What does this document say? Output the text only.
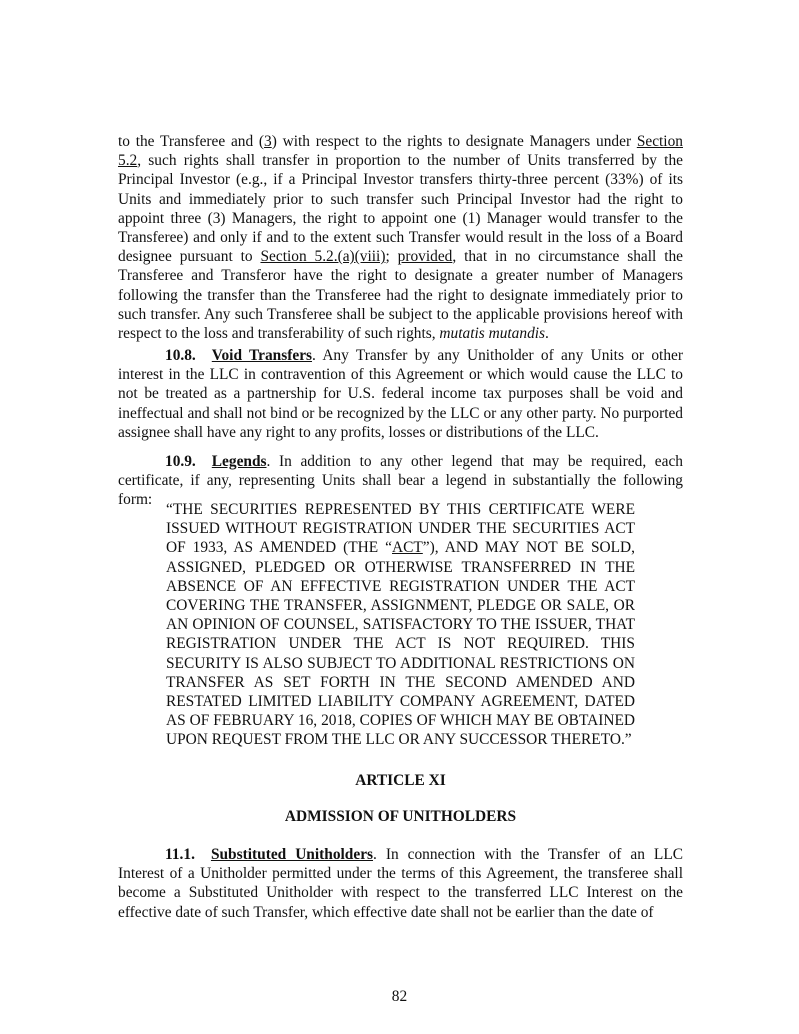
to the Transferee and (3) with respect to the rights to designate Managers under Section 5.2, such rights shall transfer in proportion to the number of Units transferred by the Principal Investor (e.g., if a Principal Investor transfers thirty-three percent (33%) of its Units and immediately prior to such transfer such Principal Investor had the right to appoint three (3) Managers, the right to appoint one (1) Manager would transfer to the Transferee) and only if and to the extent such Transfer would result in the loss of a Board designee pursuant to Section 5.2.(a)(viii); provided, that in no circumstance shall the Transferee and Transferor have the right to designate a greater number of Managers following the transfer than the Transferee had the right to designate immediately prior to such transfer. Any such Transferee shall be subject to the applicable provisions hereof with respect to the loss and transferability of such rights, mutatis mutandis.

10.8. Void Transfers. Any Transfer by any Unitholder of any Units or other interest in the LLC in contravention of this Agreement or which would cause the LLC to not be treated as a partnership for U.S. federal income tax purposes shall be void and ineffectual and shall not bind or be recognized by the LLC or any other party. No purported assignee shall have any right to any profits, losses or distributions of the LLC.

10.9. Legends. In addition to any other legend that may be required, each certificate, if any, representing Units shall bear a legend in substantially the following form:

“THE SECURITIES REPRESENTED BY THIS CERTIFICATE WERE ISSUED WITHOUT REGISTRATION UNDER THE SECURITIES ACT OF 1933, AS AMENDED (THE “ACT”), AND MAY NOT BE SOLD, ASSIGNED, PLEDGED OR OTHERWISE TRANSFERRED IN THE ABSENCE OF AN EFFECTIVE REGISTRATION UNDER THE ACT COVERING THE TRANSFER, ASSIGNMENT, PLEDGE OR SALE, OR AN OPINION OF COUNSEL, SATISFACTORY TO THE ISSUER, THAT REGISTRATION UNDER THE ACT IS NOT REQUIRED. THIS SECURITY IS ALSO SUBJECT TO ADDITIONAL RESTRICTIONS ON TRANSFER AS SET FORTH IN THE SECOND AMENDED AND RESTATED LIMITED LIABILITY COMPANY AGREEMENT, DATED AS OF FEBRUARY 16, 2018, COPIES OF WHICH MAY BE OBTAINED UPON REQUEST FROM THE LLC OR ANY SUCCESSOR THERETO.”

ARTICLE XI

ADMISSION OF UNITHOLDERS

11.1. Substituted Unitholders. In connection with the Transfer of an LLC Interest of a Unitholder permitted under the terms of this Agreement, the transferee shall become a Substituted Unitholder with respect to the transferred LLC Interest on the effective date of such Transfer, which effective date shall not be earlier than the date of

82
